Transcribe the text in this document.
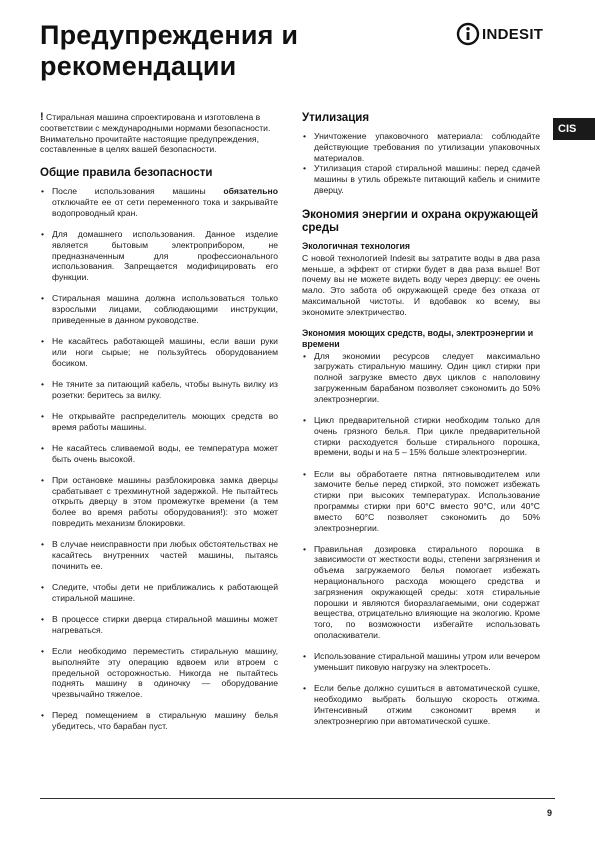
Предупреждения и
рекомендации
INDESIT
CIS

! Стиральная машина спроектирована и изготовлена в соответствии с международными нормами безопасности. Внимательно прочитайте настоящие предупреждения, составленные в целях вашей безопасности.

Общие правила безопасности
• После использования машины обязательно отключайте ее от сети переменного тока и закрывайте водопроводный кран.
• Для домашнего использования. Данное изделие является бытовым электроприбором, не предназначенным для профессионального использования. Запрещается модифицировать его функции.
• Стиральная машина должна использоваться только взрослыми лицами, соблюдающими инструкции, приведенные в данном руководстве.
• Не касайтесь работающей машины, если ваши руки или ноги сырые; не пользуйтесь оборудованием босиком.
• Не тяните за питающий кабель, чтобы вынуть вилку из розетки: беритесь за вилку.
• Не открывайте распределитель моющих средств во время работы машины.
• Не касайтесь сливаемой воды, ее температура может быть очень высокой.
• При остановке машины разблокировка замка дверцы срабатывает с трехминутной задержкой. Не пытайтесь открыть дверцу в этом промежутке времени (а тем более во время работы оборудования!): это может повредить механизм блокировки.
• В случае неисправности при любых обстоятельствах не касайтесь внутренних частей машины, пытаясь починить ее.
• Следите, чтобы дети не приближались к работающей стиральной машине.
• В процессе стирки дверца стиральной машины может нагреваться.
• Если необходимо переместить стиральную машину, выполняйте эту операцию вдвоем или втроем с предельной осторожностью. Никогда не пытайтесь поднять машину в одиночку — оборудование чрезвычайно тяжелое.
• Перед помещением в стиральную машину белья убедитесь, что барабан пуст.
Утилизация
• Уничтожение упаковочного материала: соблюдайте действующие требования по утилизации упаковочных материалов.
• Утилизация старой стиральной машины: перед сдачей машины в утиль обрежьте питающий кабель и снимите дверцу.
Экономия энергии и охрана окружающей среды
Экологичная технология

С новой технологией Indesit вы затратите воды в два раза меньше, а эффект от стирки будет в два раза выше! Вот почему вы не можете видеть воду через дверцу: ее очень мало. Это забота об окружающей среде без отказа от максимальной чистоты. И вдобавок ко всему, вы экономите электричество.

Экономия моющих средств, воды, электроэнергии и времени
• Для экономии ресурсов следует максимально загружать стиральную машину. Один цикл стирки при полной загрузке вместо двух циклов с наполовину загруженным барабаном позволяет сэкономить до 50% электроэнергии.
• Цикл предварительной стирки необходим только для очень грязного белья. При цикле предварительной стирки расходуется больше стирального порошка, времени, воды и на 5 – 15% больше электроэнергии.
• Если вы обработаете пятна пятновыводителем или замочите белье перед стиркой, это поможет избежать стирки при высоких температурах. Использование программы стирки при 60°C вместо 90°C, или 40°C вместо 60°C позволяет сэкономить до 50% электроэнергии.
• Правильная дозировка стирального порошка в зависимости от жесткости воды, степени загрязнения и объема загружаемого белья помогает избежать нерационального расхода моющего средства и загрязнения окружающей среды: хотя стиральные порошки и являются биоразлагаемыми, они содержат вещества, отрицательно влияющие на экологию. Кроме того, по возможности избегайте использовать ополаскиватели.
• Использование стиральной машины утром или вечером уменьшит пиковую нагрузку на электросеть.
• Если белье должно сушиться в автоматической сушке, необходимо выбрать большую скорость отжима. Интенсивный отжим сэкономит время и электроэнергию при автоматической сушке.
9
